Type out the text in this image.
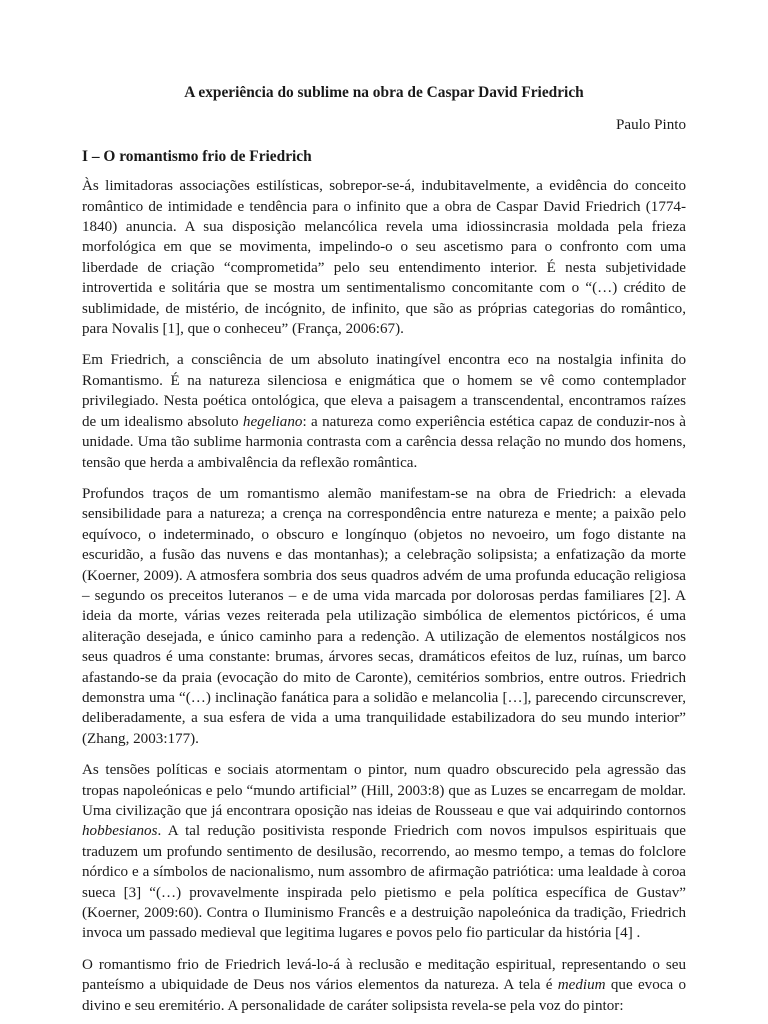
A experiência do sublime na obra de Caspar David Friedrich
Paulo Pinto
I – O romantismo frio de Friedrich

Às limitadoras associações estilísticas, sobrepor-se-á, indubitavelmente, a evidência do conceito romântico de intimidade e tendência para o infinito que a obra de Caspar David Friedrich (1774-1840) anuncia. A sua disposição melancólica revela uma idiossincrasia moldada pela frieza morfológica em que se movimenta, impelindo-o o seu ascetismo para o confronto com uma liberdade de criação “comprometida” pelo seu entendimento interior. É nesta subjetividade introvertida e solitária que se mostra um sentimentalismo concomitante com o “(…) crédito de sublimidade, de mistério, de incógnito, de infinito, que são as próprias categorias do romântico, para Novalis [1], que o conheceu” (França, 2006:67).

Em Friedrich, a consciência de um absoluto inatingível encontra eco na nostalgia infinita do Romantismo. É na natureza silenciosa e enigmática que o homem se vê como contemplador privilegiado. Nesta poética ontológica, que eleva a paisagem a transcendental, encontramos raízes de um idealismo absoluto hegeliano: a natureza como experiência estética capaz de conduzir-nos à unidade. Uma tão sublime harmonia contrasta com a carência dessa relação no mundo dos homens, tensão que herda a ambivalência da reflexão romântica.

Profundos traços de um romantismo alemão manifestam-se na obra de Friedrich: a elevada sensibilidade para a natureza; a crença na correspondência entre natureza e mente; a paixão pelo equívoco, o indeterminado, o obscuro e longínquo (objetos no nevoeiro, um fogo distante na escuridão, a fusão das nuvens e das montanhas); a celebração solipsista; a enfatização da morte (Koerner, 2009). A atmosfera sombria dos seus quadros advém de uma profunda educação religiosa – segundo os preceitos luteranos – e de uma vida marcada por dolorosas perdas familiares [2]. A ideia da morte, várias vezes reiterada pela utilização simbólica de elementos pictóricos, é uma aliteração desejada, e único caminho para a redenção. A utilização de elementos nostálgicos nos seus quadros é uma constante: brumas, árvores secas, dramáticos efeitos de luz, ruínas, um barco afastando-se da praia (evocação do mito de Caronte), cemitérios sombrios, entre outros. Friedrich demonstra uma “(…) inclinação fanática para a solidão e melancolia […], parecendo circunscrever, deliberadamente, a sua esfera de vida a uma tranquilidade estabilizadora do seu mundo interior” (Zhang, 2003:177).

As tensões políticas e sociais atormentam o pintor, num quadro obscurecido pela agressão das tropas napoleónicas e pelo “mundo artificial” (Hill, 2003:8) que as Luzes se encarregam de moldar. Uma civilização que já encontrara oposição nas ideias de Rousseau e que vai adquirindo contornos hobbesianos. A tal redução positivista responde Friedrich com novos impulsos espirituais que traduzem um profundo sentimento de desilusão, recorrendo, ao mesmo tempo, a temas do folclore nórdico e a símbolos de nacionalismo, num assombro de afirmação patriótica: uma lealdade à coroa sueca [3] “(…) provavelmente inspirada pelo pietismo e pela política específica de Gustav” (Koerner, 2009:60). Contra o Iluminismo Francês e a destruição napoleónica da tradição, Friedrich invoca um passado medieval que legitima lugares e povos pelo fio particular da história [4] .

O romantismo frio de Friedrich levá-lo-á à reclusão e meditação espiritual, representando o seu panteísmo a ubiquidade de Deus nos vários elementos da natureza. A tela é medium que evoca o divino e seu eremitério. A personalidade de caráter solipsista revela-se pela voz do pintor:
